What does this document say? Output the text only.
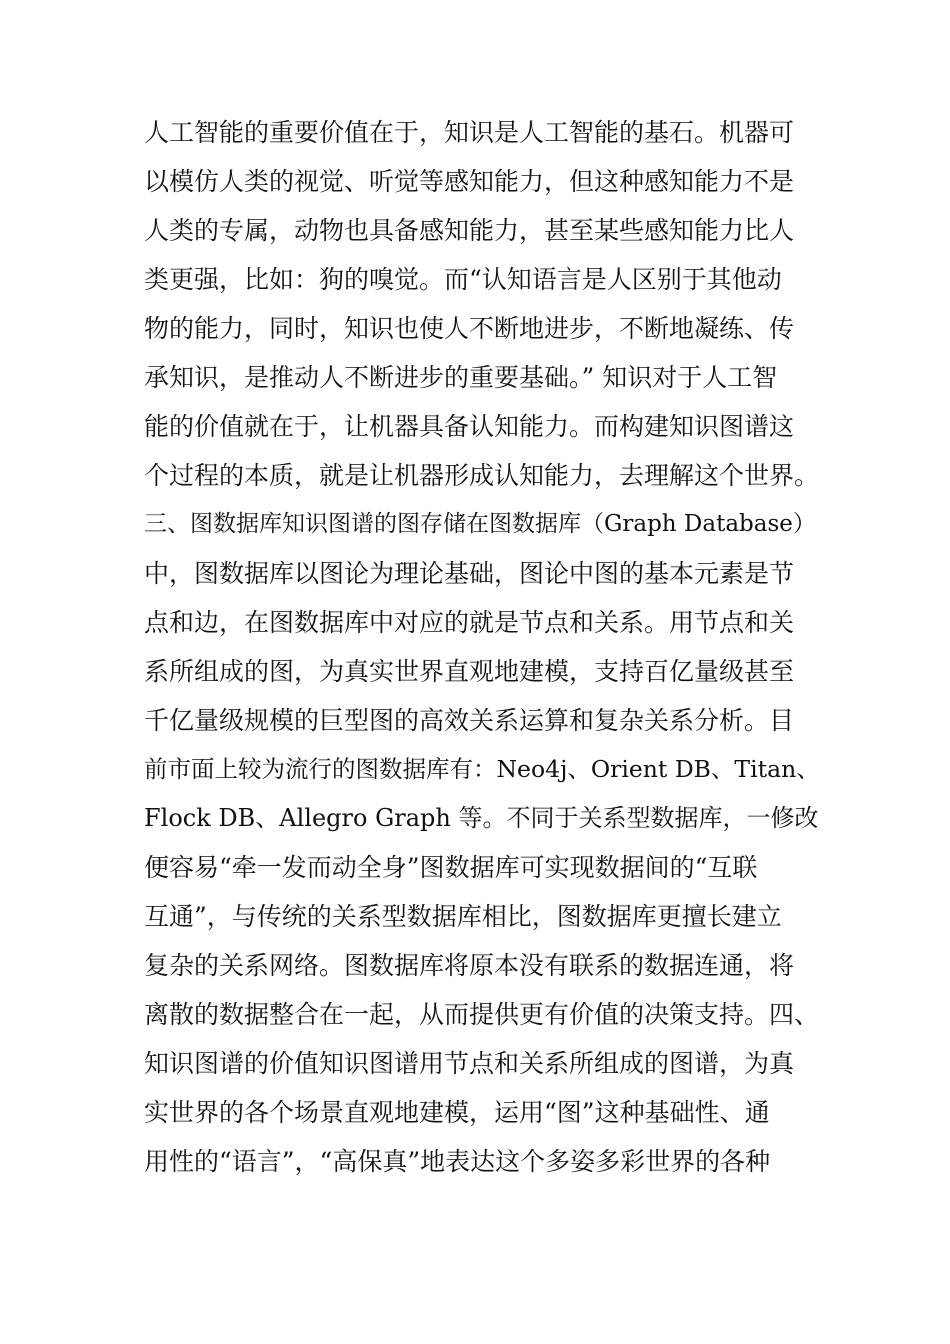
人工智能的重要价值在于，知识是人工智能的基石。机器可
以模仿人类的视觉、听觉等感知能力，但这种感知能力不是
人类的专属，动物也具备感知能力，甚至某些感知能力比人
类更强，比如：狗的嗅觉。而“认知语言是人区别于其他动
物的能力，同时，知识也使人不断地进步，不断地凝练、传
承知识，是推动人不断进步的重要基础。” 知识对于人工智
能的价值就在于，让机器具备认知能力。而构建知识图谱这
个过程的本质，就是让机器形成认知能力，去理解这个世界。
三、图数据库知识图谱的图存储在图数据库（Graph Database）
中，图数据库以图论为理论基础，图论中图的基本元素是节
点和边，在图数据库中对应的就是节点和关系。用节点和关
系所组成的图，为真实世界直观地建模，支持百亿量级甚至
千亿量级规模的巨型图的高效关系运算和复杂关系分析。目
前市面上较为流行的图数据库有：Neo4j、Orient DB、Titan、
Flock DB、Allegro Graph 等。不同于关系型数据库，一修改
便容易“牵一发而动全身”图数据库可实现数据间的“互联
互通”，与传统的关系型数据库相比，图数据库更擅长建立
复杂的关系网络。图数据库将原本没有联系的数据连通，将
离散的数据整合在一起，从而提供更有价值的决策支持。四、
知识图谱的价值知识图谱用节点和关系所组成的图谱，为真
实世界的各个场景直观地建模，运用“图”这种基础性、通
用性的“语言”，“高保真”地表达这个多姿多彩世界的各种
